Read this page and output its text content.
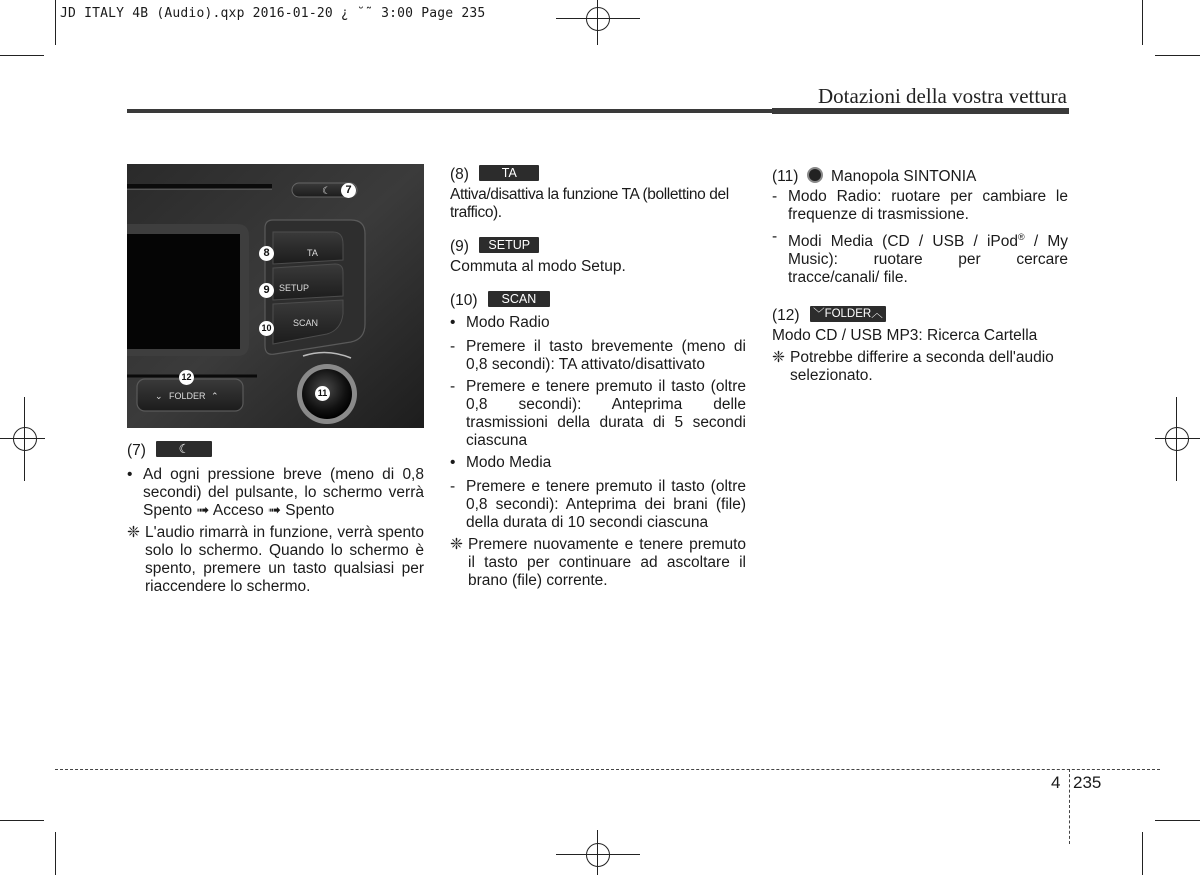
JD ITALY 4B (Audio).qxp 2016-01-20 ¿ ˘˜ 3:00 Page 235
Dotazioni della vostra vettura
☾
TA
SETUP
SCAN
⌄ FOLDER ⌃
7
8
9
10
11
12
(7)	☾

• Ad ogni pressione breve (meno di 0,8 secondi) del pulsante, lo schermo verrà Spento ➟ Acceso ➟ Spento

❈ L'audio rimarrà in funzione, verrà spento solo lo schermo. Quando lo schermo è spento, premere un tasto qualsiasi per riaccendere lo schermo.

(8)	TA

Attiva/disattiva la funzione TA (bollettino del traffico).

(9) SETUP

Commuta al modo Setup.

(10) SCAN

• Modo Radio

- Premere il tasto brevemente (meno di 0,8 secondi): TA attivato/disattivato

- Premere e tenere premuto il tasto (oltre 0,8 secondi): Anteprima delle trasmissioni della durata di 5 secondi ciascuna

• Modo Media

- Premere e tenere premuto il tasto (oltre 0,8 secondi): Anteprima dei brani (file) della durata di 10 secondi ciascuna

❈ Premere nuovamente e tenere premuto il tasto per continuare ad ascoltare il brano (file) corrente.

(11) Manopola SINTONIA

- Modo Radio: ruotare per cambiare le frequenze di trasmissione.

- Modi Media (CD / USB / iPod® / My Music): ruotare per cercare tracce/canali/ file.

(12) ﹀FOLDER︿

Modo CD / USB MP3: Ricerca Cartella

❈ Potrebbe differire a seconda dell'audio selezionato.

4 235
